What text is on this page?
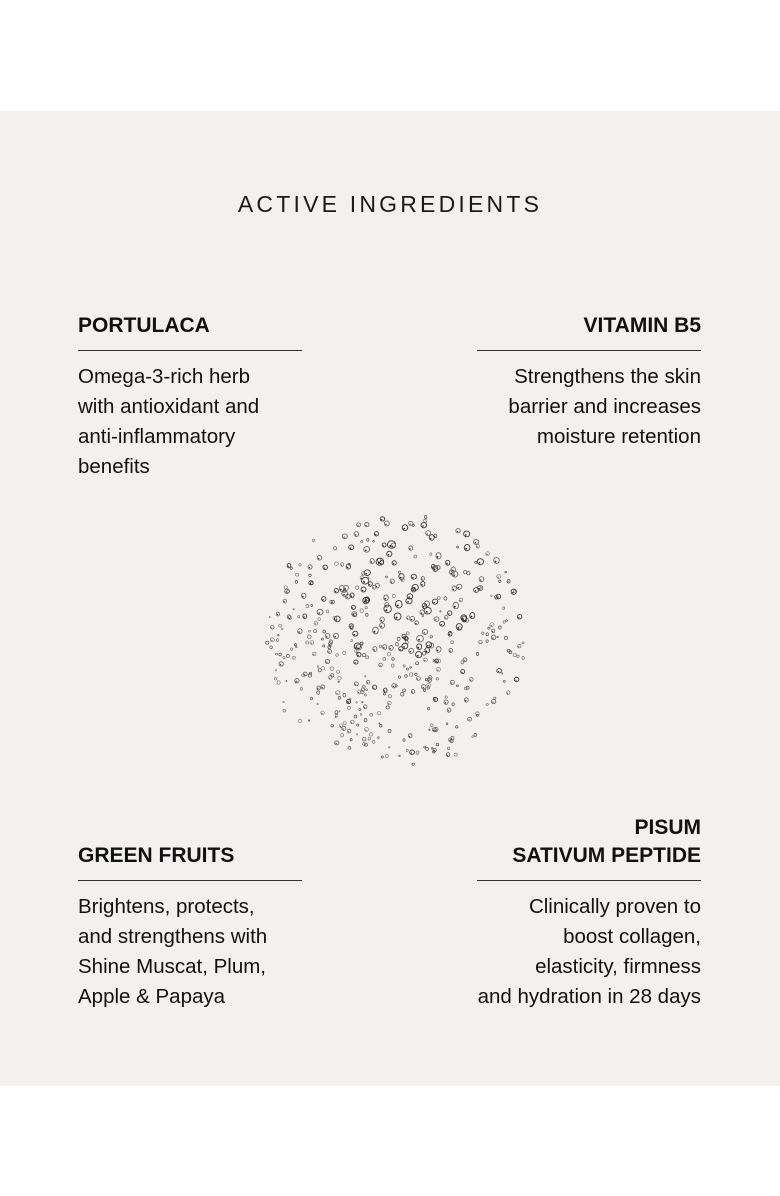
ACTIVE INGREDIENTS
PORTULACA
Omega-3-rich herb
with antioxidant and
anti-inflammatory
benefits
VITAMIN B5
Strengthens the skin
barrier and increases
moisture retention
GREEN FRUITS
Brightens, protects,
and strengthens with
Shine Muscat, Plum,
Apple & Papaya
PISUM
SATIVUM PEPTIDE
Clinically proven to
boost collagen,
elasticity, firmness
and hydration in 28 days
